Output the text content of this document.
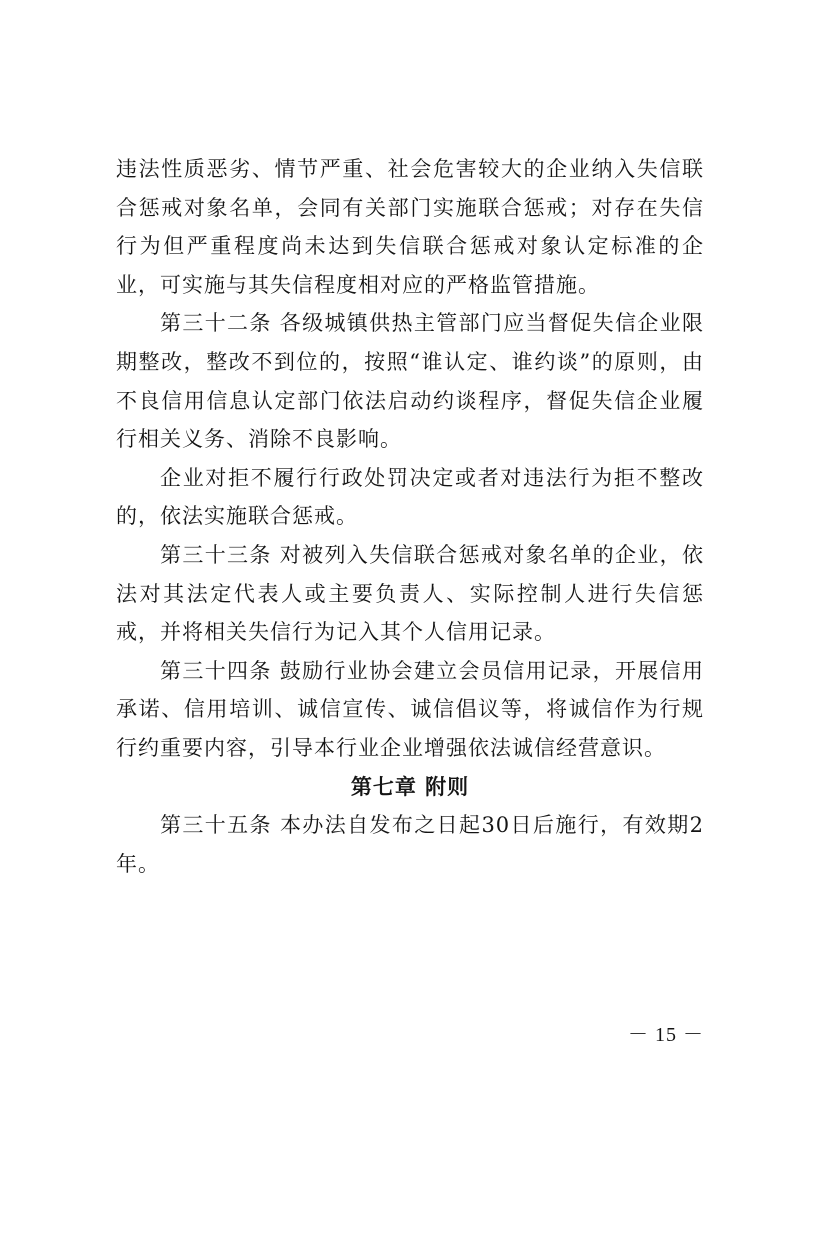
违法性质恶劣、情节严重、社会危害较大的企业纳入失信联合惩戒对象名单，会同有关部门实施联合惩戒；对存在失信行为但严重程度尚未达到失信联合惩戒对象认定标准的企业，可实施与其失信程度相对应的严格监管措施。

第三十二条 各级城镇供热主管部门应当督促失信企业限期整改，整改不到位的，按照“谁认定、谁约谈”的原则，由不良信用信息认定部门依法启动约谈程序，督促失信企业履行相关义务、消除不良影响。

企业对拒不履行行政处罚决定或者对违法行为拒不整改的，依法实施联合惩戒。

第三十三条 对被列入失信联合惩戒对象名单的企业，依法对其法定代表人或主要负责人、实际控制人进行失信惩戒，并将相关失信行为记入其个人信用记录。

第三十四条 鼓励行业协会建立会员信用记录，开展信用承诺、信用培训、诚信宣传、诚信倡议等，将诚信作为行规行约重要内容，引导本行业企业增强依法诚信经营意识。

第七章 附则

第三十五条 本办法自发布之日起30日后施行，有效期2年。

－ 15 －
